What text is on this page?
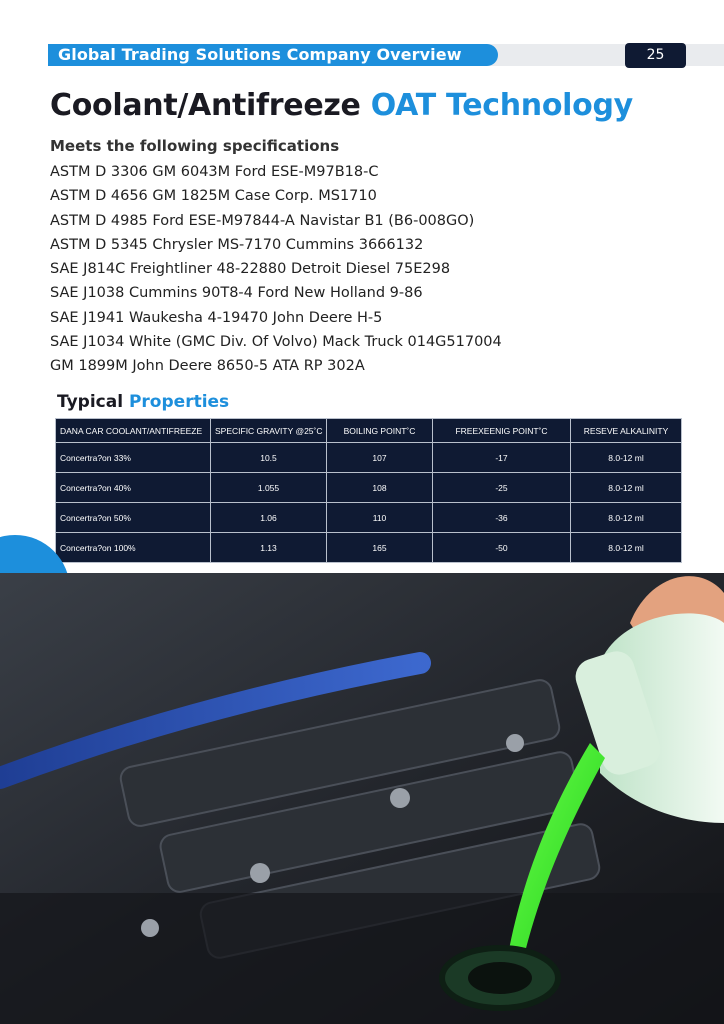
Global Trading Solutions Company Overview	25
Coolant/Antifreeze OAT Technology
Meets the following specifications
ASTM D 3306 GM 6043M Ford ESE-M97B18-C
ASTM D 4656 GM 1825M Case Corp. MS1710
ASTM D 4985 Ford ESE-M97844-A Navistar B1 (B6-008GO)
ASTM D 5345 Chrysler MS-7170 Cummins 3666132
SAE J814C Freightliner 48-22880 Detroit Diesel 75E298
SAE J1038 Cummins 90T8-4 Ford New Holland 9-86
SAE J1941 Waukesha 4-19470 John Deere H-5
SAE J1034 White (GMC Div. Of Volvo) Mack Truck 014G517004
GM 1899M John Deere 8650-5 ATA RP 302A
Typical Properties
DANA CAR COOLANT/ANTIFREEZE	SPECIFIC GRAVITY @25˚C	BOILING POINT˚C	FREEXEENIG POINT˚C	RESEVE ALKALINITY
Concertra?on 33%	10.5	107	-17	8.0-12 ml
Concertra?on 40%	1.055	108	-25	8.0-12 ml
Concertra?on 50%	1.06	110	-36	8.0-12 ml
Concertra?on 100%	1.13	165	-50	8.0-12 ml
